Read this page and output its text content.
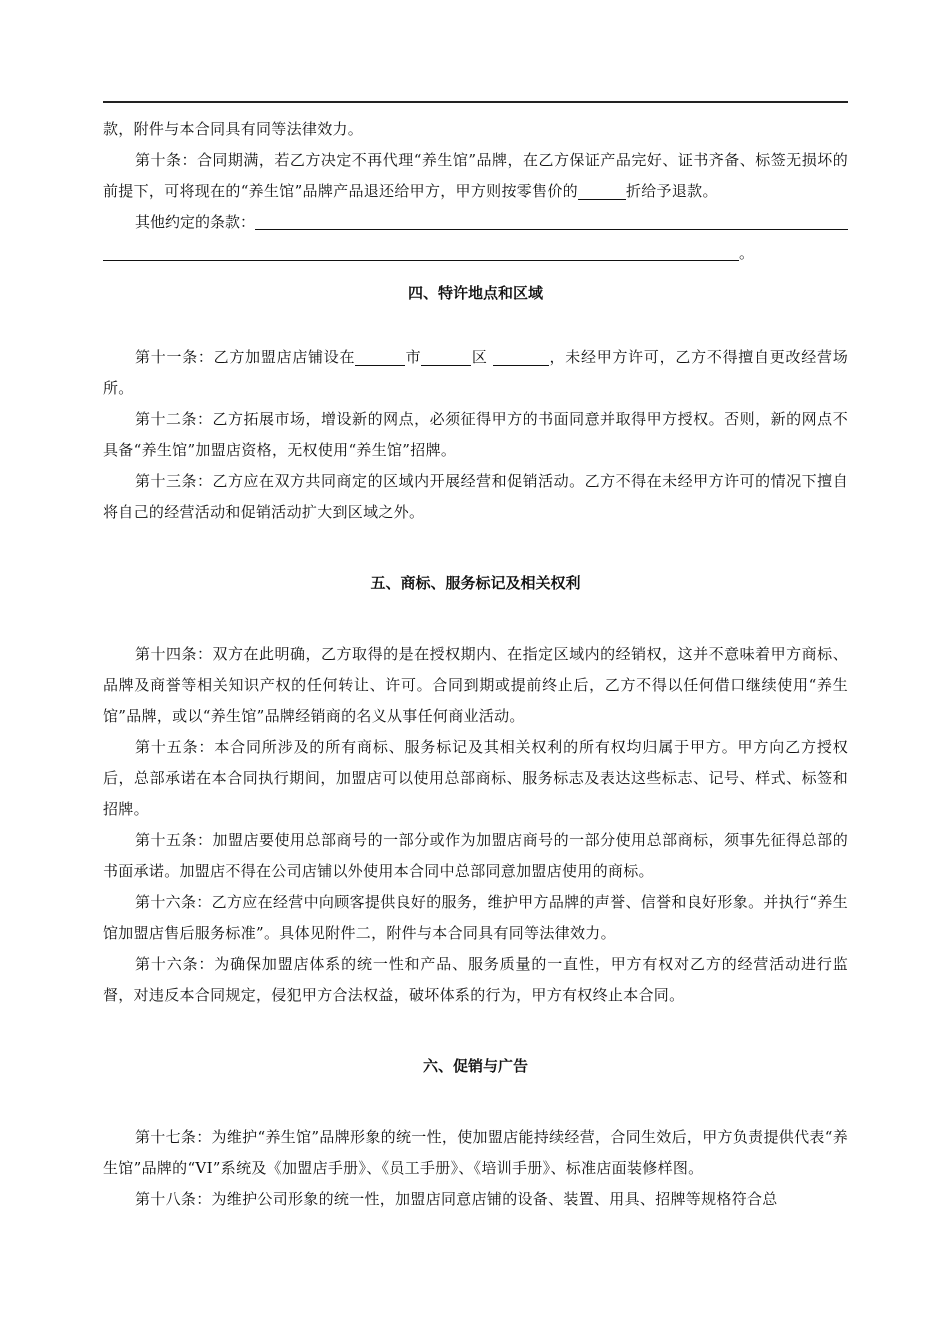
款，附件与本合同具有同等法律效力。

第十条：合同期满，若乙方决定不再代理“养生馆”品牌，在乙方保证产品完好、证书齐备、标签无损坏的前提下，可将现在的“养生馆”品牌产品退还给甲方，甲方则按零售价的	折给予退款。

其他约定的条款：
。
四、特许地点和区域

第十一条：乙方加盟店店铺设在	市	区	，未经甲方许可，乙方不得擅自更改经营场所。

第十二条：乙方拓展市场，增设新的网点，必须征得甲方的书面同意并取得甲方授权。否则，新的网点不具备“养生馆”加盟店资格，无权使用“养生馆”招牌。

第十三条：乙方应在双方共同商定的区域内开展经营和促销活动。乙方不得在未经甲方许可的情况下擅自将自己的经营活动和促销活动扩大到区域之外。

五、商标、服务标记及相关权利

第十四条：双方在此明确，乙方取得的是在授权期内、在指定区域内的经销权，这并不意味着甲方商标、品牌及商誉等相关知识产权的任何转让、许可。合同到期或提前终止后，乙方不得以任何借口继续使用“养生馆”品牌，或以“养生馆”品牌经销商的名义从事任何商业活动。

第十五条：本合同所涉及的所有商标、服务标记及其相关权利的所有权均归属于甲方。甲方向乙方授权后，总部承诺在本合同执行期间，加盟店可以使用总部商标、服务标志及表达这些标志、记号、样式、标签和招牌。

第十五条：加盟店要使用总部商号的一部分或作为加盟店商号的一部分使用总部商标，须事先征得总部的书面承诺。加盟店不得在公司店铺以外使用本合同中总部同意加盟店使用的商标。

第十六条：乙方应在经营中向顾客提供良好的服务，维护甲方品牌的声誉、信誉和良好形象。并执行“养生馆加盟店售后服务标准”。具体见附件二，附件与本合同具有同等法律效力。

第十六条：为确保加盟店体系的统一性和产品、服务质量的一直性，甲方有权对乙方的经营活动进行监督，对违反本合同规定，侵犯甲方合法权益，破坏体系的行为，甲方有权终止本合同。

六、促销与广告

第十七条：为维护“养生馆”品牌形象的统一性，使加盟店能持续经营，合同生效后，甲方负责提供代表“养生馆”品牌的“VI”系统及《加盟店手册》、《员工手册》、《培训手册》、标准店面装修样图。

第十八条：为维护公司形象的统一性，加盟店同意店铺的设备、装置、用具、招牌等规格符合总
